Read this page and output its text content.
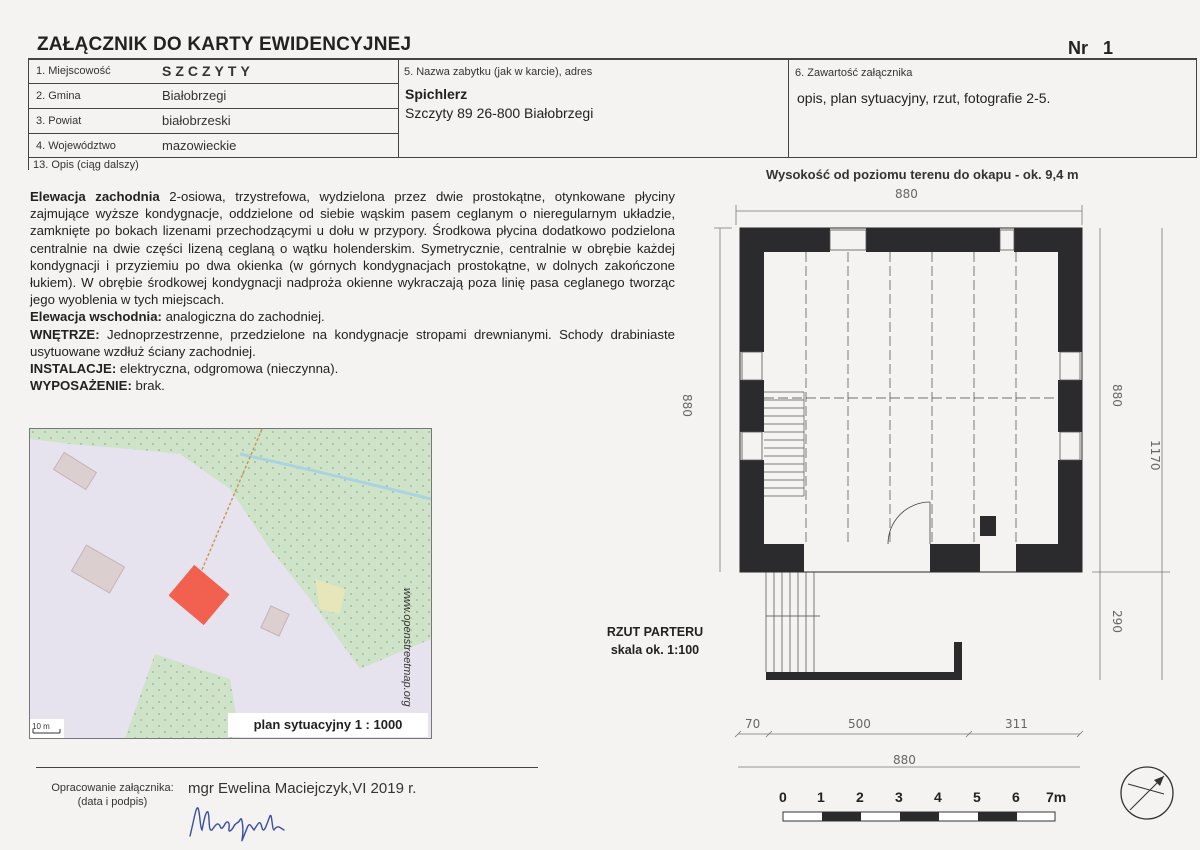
ZAŁĄCZNIK DO KARTY EWIDENCYJNEJ	Nr 1
1. Miejscowość	SZCZYTY
2. Gmina	Białobrzegi
3. Powiat	białobrzeski
4. Województwo	mazowieckie
5. Nazwa zabytku (jak w karcie), adres
Spichlerz
Szczyty 89 26-800 Białobrzegi
6. Zawartość załącznika
opis, plan sytuacyjny, rzut, fotografie 2-5.
13. Opis (ciąg dalszy)

Elewacja zachodnia 2-osiowa, trzystrefowa, wydzielona przez dwie prostokątne, otynkowane płyciny zajmujące wyższe kondygnacje, oddzielone od siebie wąskim pasem ceglanym o nieregularnym układzie, zamknięte po bokach lizenami przechodzącymi u dołu w przypory. Środkowa płycina dodatkowo podzielona centralnie na dwie części lizeną ceglaną o wątku holenderskim. Symetrycznie, centralnie w obrębie każdej kondygnacji i przyziemiu po dwa okienka (w górnych kondygnacjach prostokątne, w dolnych zakończone łukiem). W obrębie środkowej kondygnacji nadproża okienne wykraczają poza linię pasa ceglanego tworząc jego wyoblenia w tych miejscach.

Elewacja wschodnia: analogiczna do zachodniej.

WNĘTRZE: Jednoprzestrzenne, przedzielone na kondygnacje stropami drewnianymi. Schody drabiniaste usytuowane wzdłuż ściany zachodniej.

INSTALACJE: elektryczna, odgromowa (nieczynna).

WYPOSAŻENIE: brak.

10 m	plan sytuacyjny 1 : 1000
www.openstreetmap.org
Wysokość od poziomu terenu do okapu - ok. 9,4 m
880
880	880
1170
290
70	500	311
880
RZUT PARTERU
skala ok. 1:100
0 1 2 3 4 5 6 7m
Opracowanie załącznika:
(data i podpis)
mgr Ewelina Maciejczyk,VI 2019 r.
